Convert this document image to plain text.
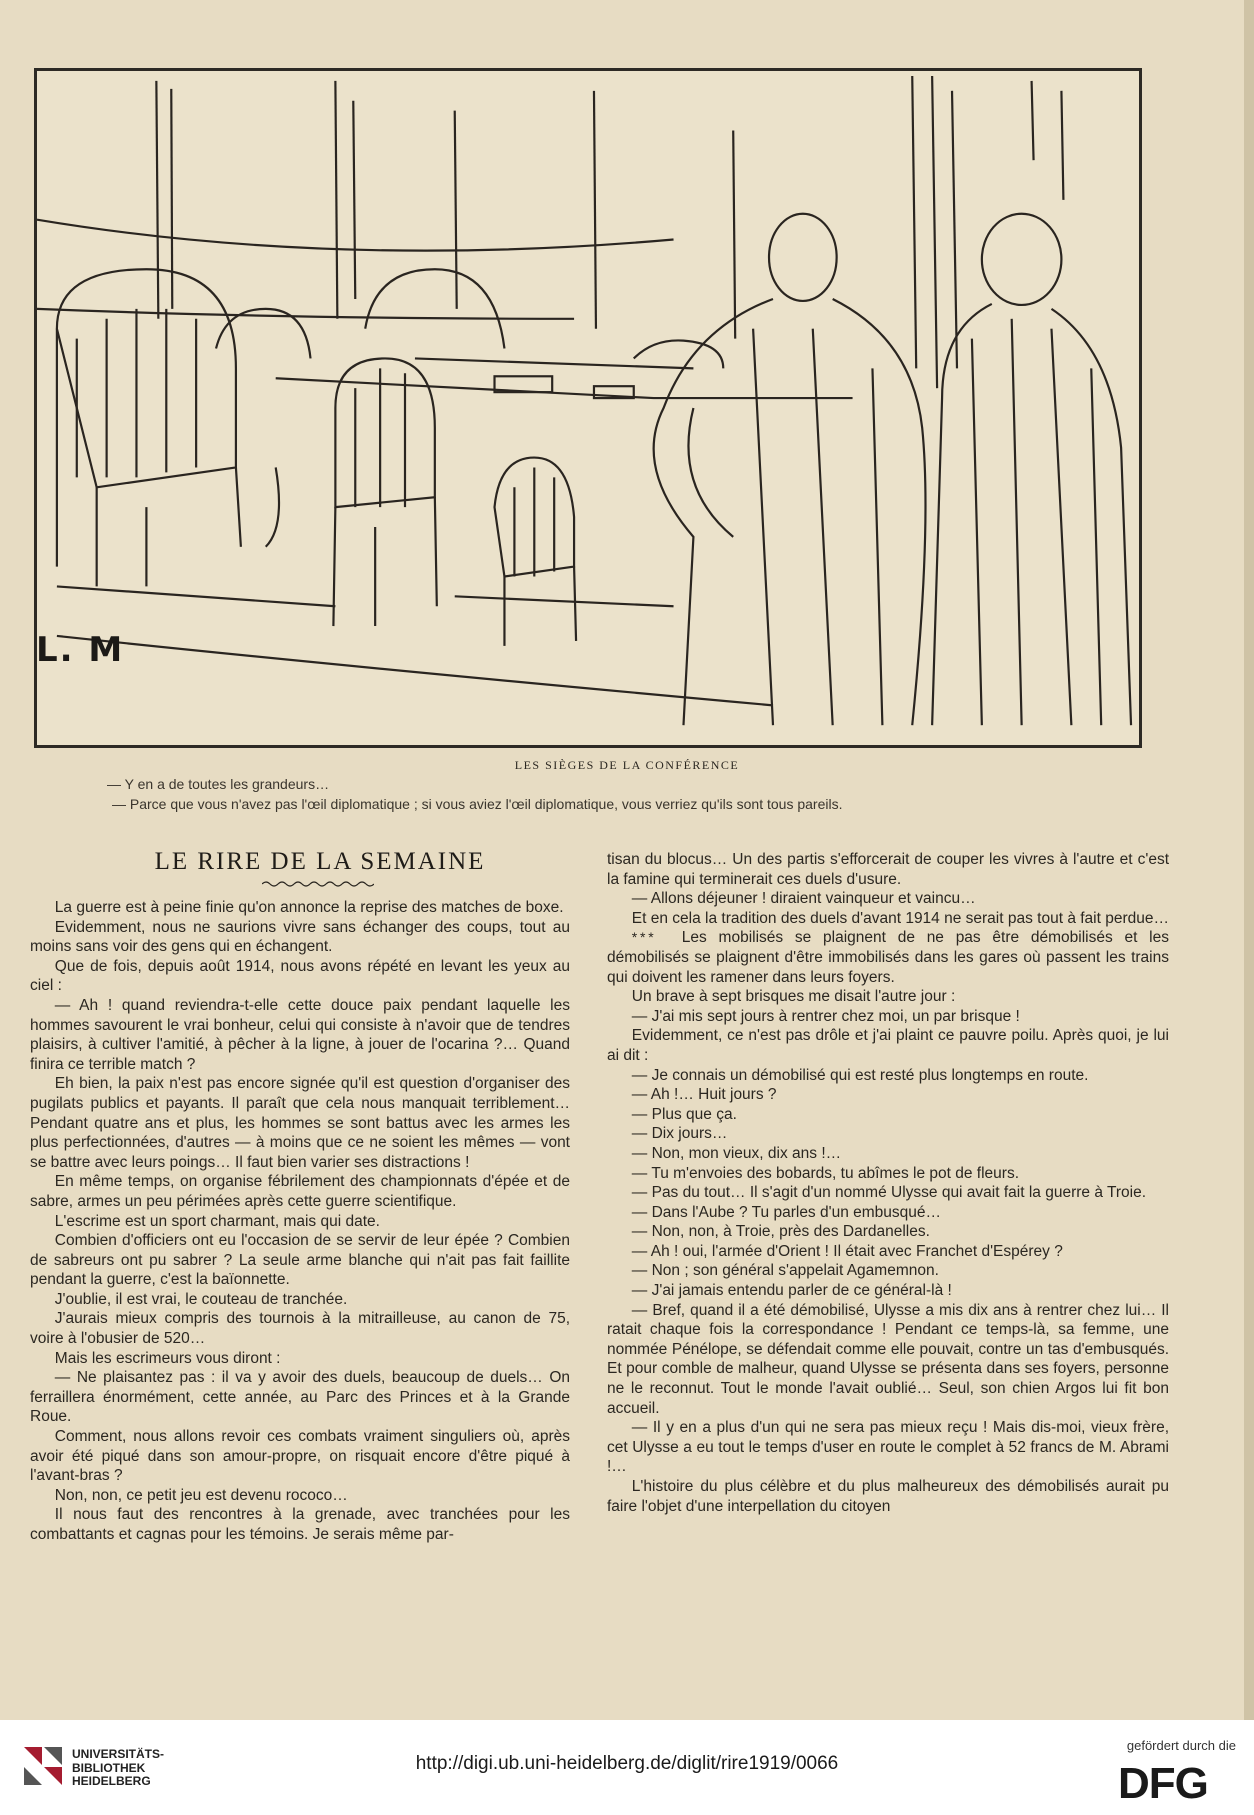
L. M
LES SIÈGES DE LA CONFÉRENCE
— Y en a de toutes les grandeurs…
— Parce que vous n'avez pas l'œil diplomatique ; si vous aviez l'œil diplomatique, vous verriez qu'ils sont tous pareils.
LE RIRE DE LA SEMAINE

La guerre est à peine finie qu'on annonce la reprise des matches de boxe.

Evidemment, nous ne saurions vivre sans échanger des coups, tout au moins sans voir des gens qui en échangent.

Que de fois, depuis août 1914, nous avons répété en levant les yeux au ciel :

— Ah ! quand reviendra-t-elle cette douce paix pendant laquelle les hommes savourent le vrai bonheur, celui qui consiste à n'avoir que de tendres plaisirs, à cultiver l'amitié, à pêcher à la ligne, à jouer de l'ocarina ?… Quand finira ce terrible match ?

Eh bien, la paix n'est pas encore signée qu'il est question d'organiser des pugilats publics et payants. Il paraît que cela nous manquait terriblement… Pendant quatre ans et plus, les hommes se sont battus avec les armes les plus perfectionnées, d'autres — à moins que ce ne soient les mêmes — vont se battre avec leurs poings… Il faut bien varier ses distractions !

En même temps, on organise fébrilement des championnats d'épée et de sabre, armes un peu périmées après cette guerre scientifique.

L'escrime est un sport charmant, mais qui date.

Combien d'officiers ont eu l'occasion de se servir de leur épée ? Combien de sabreurs ont pu sabrer ? La seule arme blanche qui n'ait pas fait faillite pendant la guerre, c'est la baïonnette.

J'oublie, il est vrai, le couteau de tranchée.

J'aurais mieux compris des tournois à la mitrailleuse, au canon de 75, voire à l'obusier de 520…

Mais les escrimeurs vous diront :

— Ne plaisantez pas : il va y avoir des duels, beaucoup de duels… On ferraillera énormément, cette année, au Parc des Princes et à la Grande Roue.

Comment, nous allons revoir ces combats vraiment singuliers où, après avoir été piqué dans son amour-propre, on risquait encore d'être piqué à l'avant-bras ?

Non, non, ce petit jeu est devenu rococo…

Il nous faut des rencontres à la grenade, avec tranchées pour les combattants et cagnas pour les témoins. Je serais même par-

tisan du blocus… Un des partis s'efforcerait de couper les vivres à l'autre et c'est la famine qui terminerait ces duels d'usure.

— Allons déjeuner ! diraient vainqueur et vaincu…

Et en cela la tradition des duels d'avant 1914 ne serait pas tout à fait perdue…

* * * Les mobilisés se plaignent de ne pas être démobilisés et les démobilisés se plaignent d'être immobilisés dans les gares où passent les trains qui doivent les ramener dans leurs foyers.

Un brave à sept brisques me disait l'autre jour :

— J'ai mis sept jours à rentrer chez moi, un par brisque !

Evidemment, ce n'est pas drôle et j'ai plaint ce pauvre poilu. Après quoi, je lui ai dit :

— Je connais un démobilisé qui est resté plus longtemps en route.

— Ah !… Huit jours ?

— Plus que ça.

— Dix jours…

— Non, mon vieux, dix ans !…

— Tu m'envoies des bobards, tu abîmes le pot de fleurs.

— Pas du tout… Il s'agit d'un nommé Ulysse qui avait fait la guerre à Troie.

— Dans l'Aube ? Tu parles d'un embusqué…

— Non, non, à Troie, près des Dardanelles.

— Ah ! oui, l'armée d'Orient ! Il était avec Franchet d'Espérey ?

— Non ; son général s'appelait Agamemnon.

— J'ai jamais entendu parler de ce général-là !

— Bref, quand il a été démobilisé, Ulysse a mis dix ans à rentrer chez lui… Il ratait chaque fois la correspondance ! Pendant ce temps-là, sa femme, une nommée Pénélope, se défendait comme elle pouvait, contre un tas d'embusqués. Et pour comble de malheur, quand Ulysse se présenta dans ses foyers, personne ne le reconnut. Tout le monde l'avait oublié… Seul, son chien Argos lui fit bon accueil.

— Il y en a plus d'un qui ne sera pas mieux reçu ! Mais dis-moi, vieux frère, cet Ulysse a eu tout le temps d'user en route le complet à 52 francs de M. Abrami !…

L'histoire du plus célèbre et du plus malheureux des démobilisés aurait pu faire l'objet d'une interpellation du citoyen

UNIVERSITÄTS-
BIBLIOTHEK
HEIDELBERG
http://digi.ub.uni-heidelberg.de/diglit/rire1919/0066
gefördert durch die
DFG
